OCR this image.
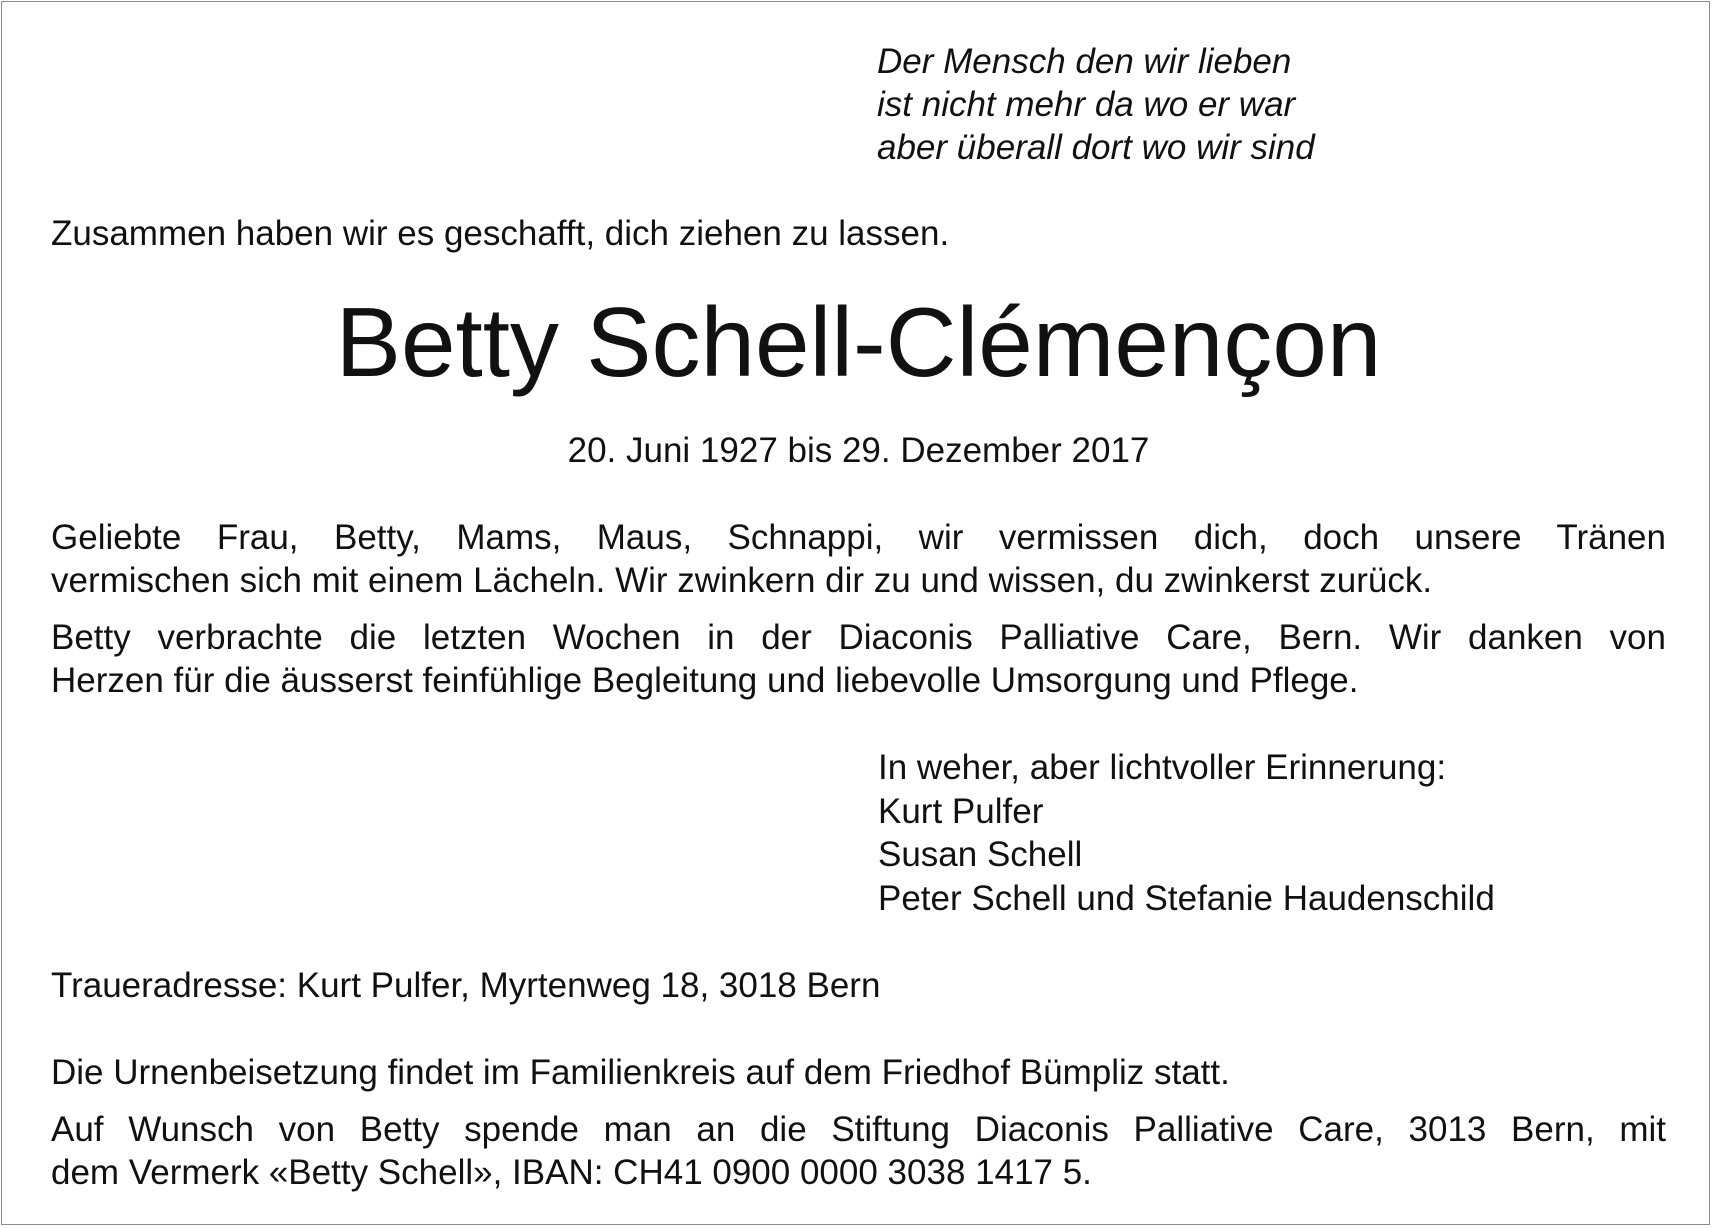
Der Mensch den wir lieben
ist nicht mehr da wo er war
aber überall dort wo wir sind
Zusammen haben wir es geschafft, dich ziehen zu lassen.
Betty Schell-Clémençon
20. Juni 1927 bis 29. Dezember 2017
Geliebte Frau, Betty, Mams, Maus, Schnappi, wir vermissen dich, doch unsere Tränen
vermischen sich mit einem Lächeln. Wir zwinkern dir zu und wissen, du zwinkerst zurück.
Betty verbrachte die letzten Wochen in der Diaconis Palliative Care, Bern. Wir danken von
Herzen für die äusserst feinfühlige Begleitung und liebevolle Umsorgung und Pflege.
In weher, aber lichtvoller Erinnerung:
Kurt Pulfer
Susan Schell
Peter Schell und Stefanie Haudenschild
Traueradresse: Kurt Pulfer, Myrtenweg 18, 3018 Bern
Die Urnenbeisetzung findet im Familienkreis auf dem Friedhof Bümpliz statt.
Auf Wunsch von Betty spende man an die Stiftung Diaconis Palliative Care, 3013 Bern, mit
dem Vermerk «Betty Schell», IBAN: CH41 0900 0000 3038 1417 5.
